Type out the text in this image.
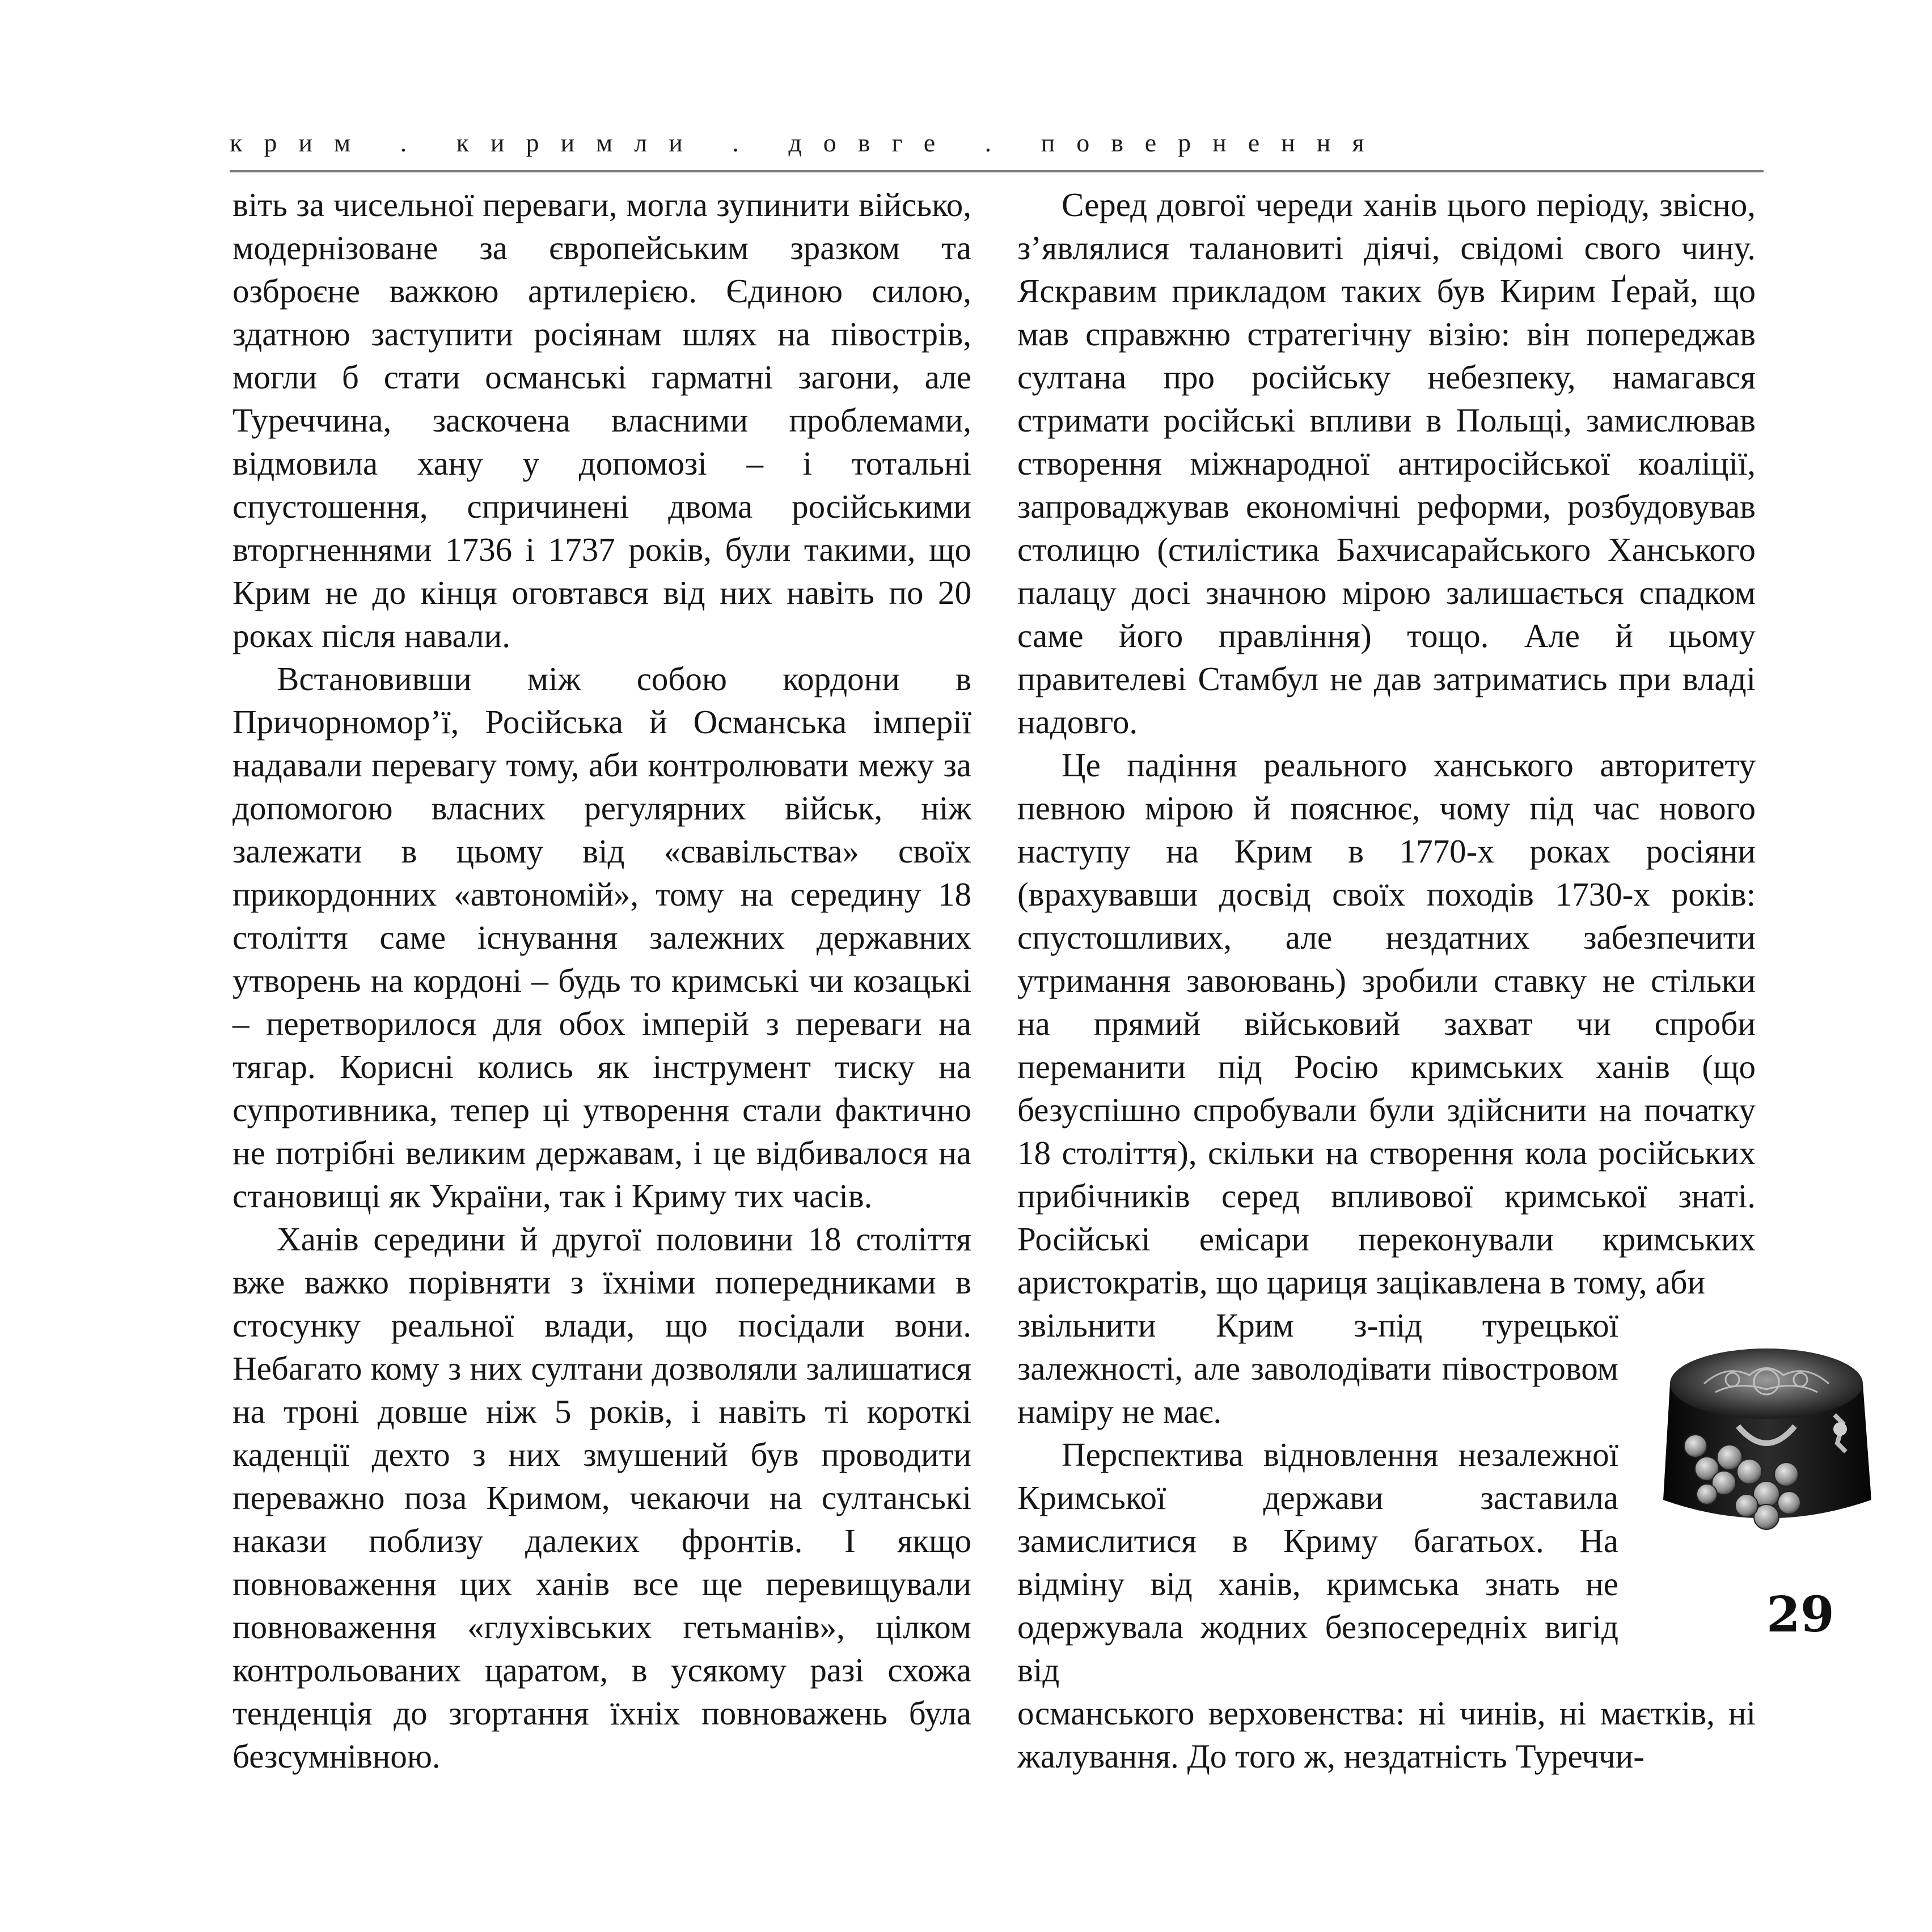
крим . киримли . довге . повернення

віть за чисельної переваги, могла зупинити військо, модернізоване за європейським зразком та озброєне важкою артилерією. Єдиною силою, здатною заступити росіянам шлях на півострів, могли б стати османські гарматні загони, але Туреччина, заскочена власними проблемами, відмовила хану у допомозі – і тотальні спустошення, спричинені двома російськими вторгненнями 1736 і 1737 років, були такими, що Крим не до кінця оговтався від них навіть по 20 роках після навали.

Встановивши між собою кордони в Причорномор’ї, Російська й Османська імперії надавали перевагу тому, аби контролювати межу за допомогою власних регулярних військ, ніж залежати в цьому від «свавільства» своїх прикордонних «автономій», тому на середину 18 століття саме існування залежних державних утворень на кордоні – будь то кримські чи козацькі – перетворилося для обох імперій з переваги на тягар. Корисні колись як інструмент тиску на супротивника, тепер ці утворення стали фактично не потрібні великим державам, і це відбивалося на становищі як України, так і Криму тих часів.

Ханів середини й другої половини 18 століття вже важко порівняти з їхніми попередниками в стосунку реальної влади, що посідали вони. Небагато кому з них султани дозволяли залишатися на троні довше ніж 5 років, і навіть ті короткі каденції дехто з них змушений був проводити переважно поза Кримом, чекаючи на султанські накази поблизу далеких фронтів. І якщо повноваження цих ханів все ще перевищували повноваження «глухівських гетьманів», цілком контрольованих царатом, в усякому разі схожа тенденція до згортання їхніх повноважень була безсумнівною.

Серед довгої череди ханів цього періоду, звісно, з’являлися талановиті діячі, свідомі свого чину. Яскравим прикладом таких був Кирим Ґерай, що мав справжню стратегічну візію: він попереджав султана про російську небезпеку, намагався стримати російські впливи в Польщі, замислював створення міжнародної антиросійської коаліції, запроваджував економічні реформи, розбудовував столицю (стилістика Бахчисарайського Ханського палацу досі значною мірою залишається спадком саме його правління) тощо. Але й цьому правителеві Стамбул не дав затриматись при владі надовго.

Це падіння реального ханського авторитету певною мірою й пояснює, чому під час нового наступу на Крим в 1770-х роках росіяни (врахувавши досвід своїх походів 1730-х років: спустошливих, але нездатних забезпечити утримання завоювань) зробили ставку не стільки на прямий військовий захват чи спроби переманити під Росію кримських ханів (що безуспішно спробували були здійснити на початку 18 століття), скільки на створення кола російських прибічників серед впливової кримської знаті. Російські емісари переконували кримських аристократів, що цариця зацікавлена в тому, аби

звільнити Крим з-під турецької залежності, але заволодівати півостровом наміру не має.

Перспектива відновлення незалежної Кримської держави заставила замислитися в Криму багатьох. На відміну від ханів, кримська знать не одержувала жодних безпосередніх вигід від

османського верховенства: ні чинів, ні маєтків, ні жалування. До того ж, нездатність Туреччи-

29
